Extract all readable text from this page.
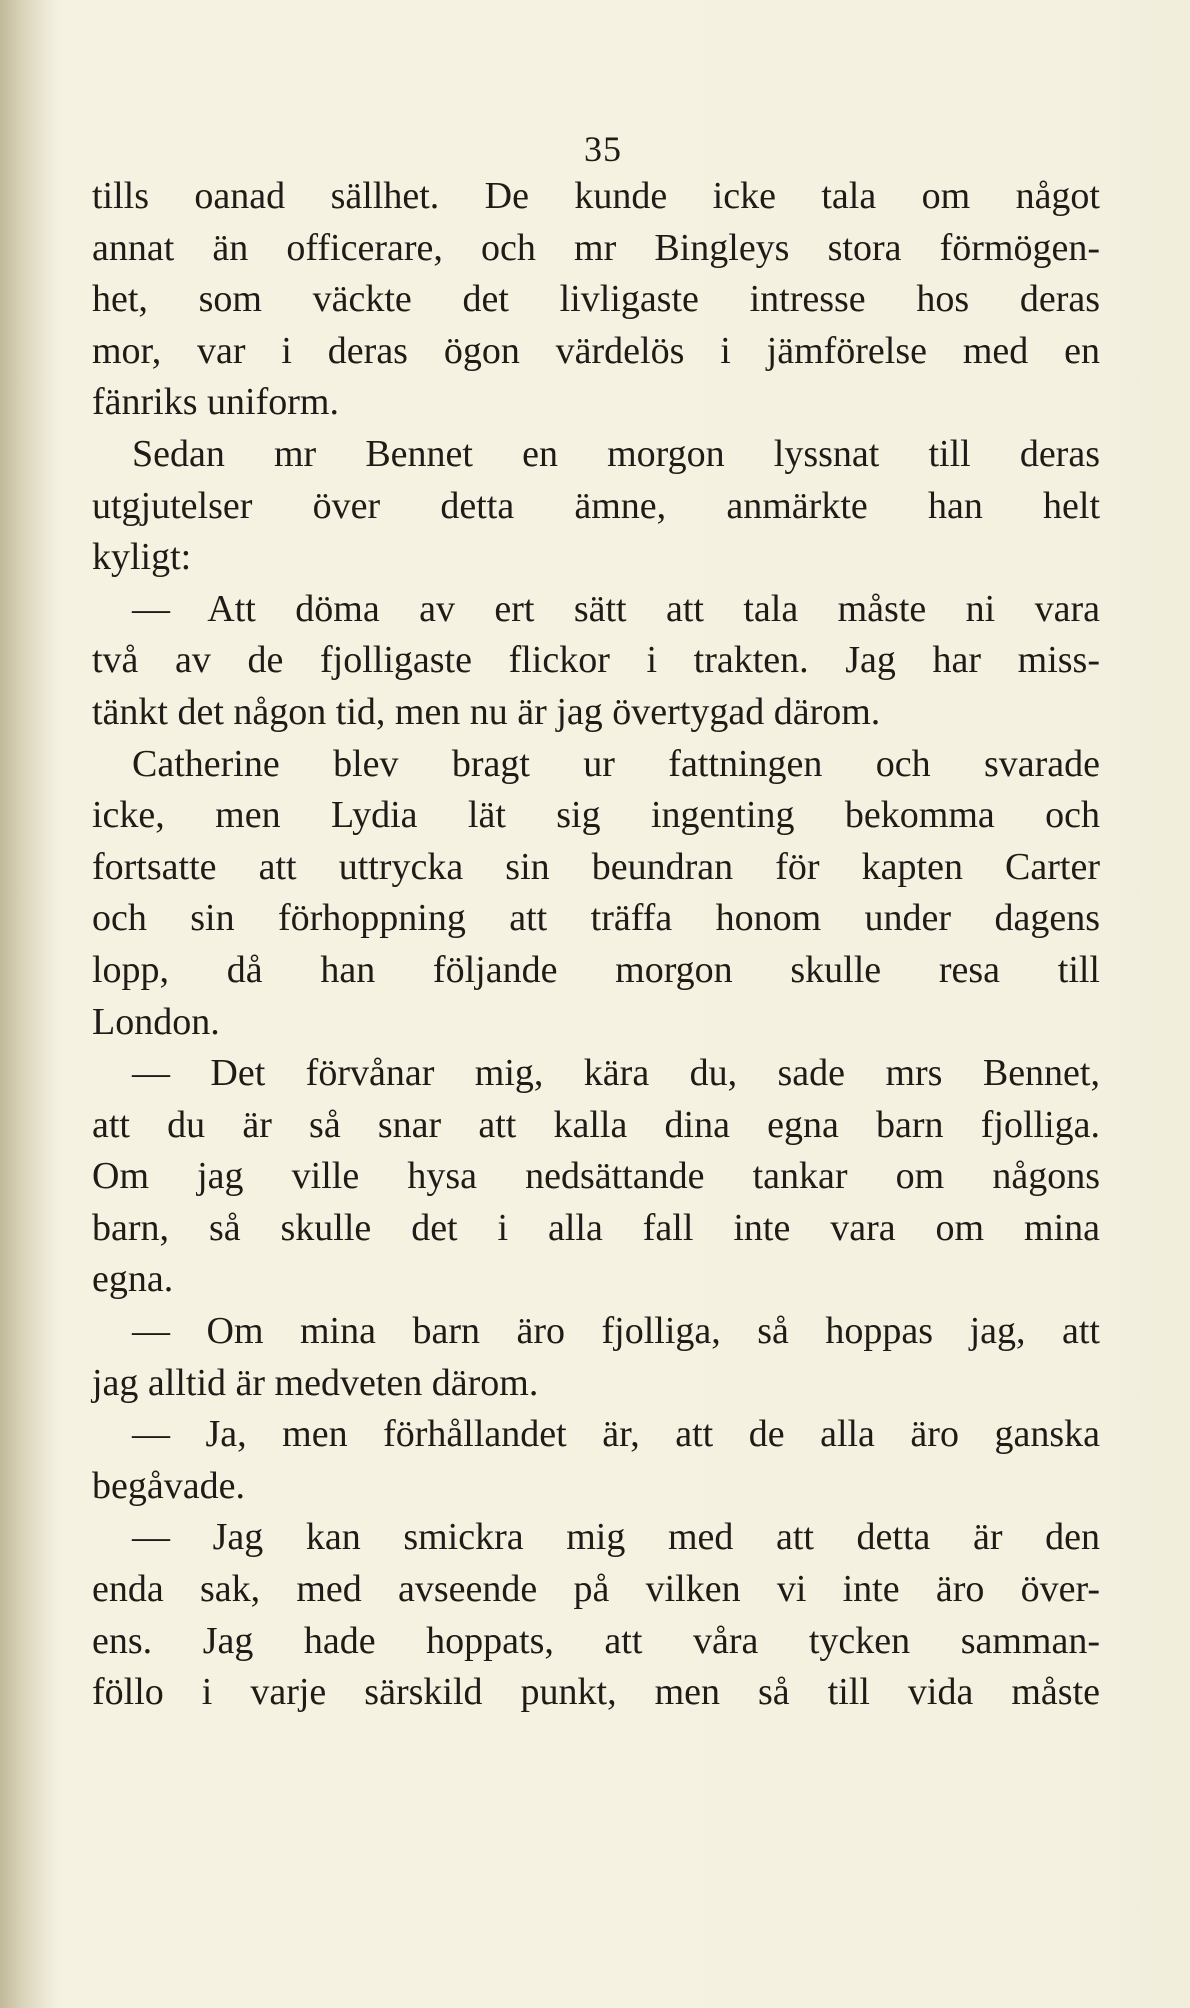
35
tills oanad sällhet. De kunde icke tala om något
annat än officerare, och mr Bingleys stora förmögen-
het, som väckte det livligaste intresse hos deras
mor, var i deras ögon värdelös i jämförelse med en
fänriks uniform.
Sedan mr Bennet en morgon lyssnat till deras
utgjutelser över detta ämne, anmärkte han helt
kyligt:
— Att döma av ert sätt att tala måste ni vara
två av de fjolligaste flickor i trakten. Jag har miss-
tänkt det någon tid, men nu är jag övertygad därom.
Catherine blev bragt ur fattningen och svarade
icke, men Lydia lät sig ingenting bekomma och
fortsatte att uttrycka sin beundran för kapten Carter
och sin förhoppning att träffa honom under dagens
lopp, då han följande morgon skulle resa till
London.
— Det förvånar mig, kära du, sade mrs Bennet,
att du är så snar att kalla dina egna barn fjolliga.
Om jag ville hysa nedsättande tankar om någons
barn, så skulle det i alla fall inte vara om mina
egna.
— Om mina barn äro fjolliga, så hoppas jag, att
jag alltid är medveten därom.
— Ja, men förhållandet är, att de alla äro ganska
begåvade.
— Jag kan smickra mig med att detta är den
enda sak, med avseende på vilken vi inte äro över-
ens. Jag hade hoppats, att våra tycken samman-
föllo i varje särskild punkt, men så till vida måste
